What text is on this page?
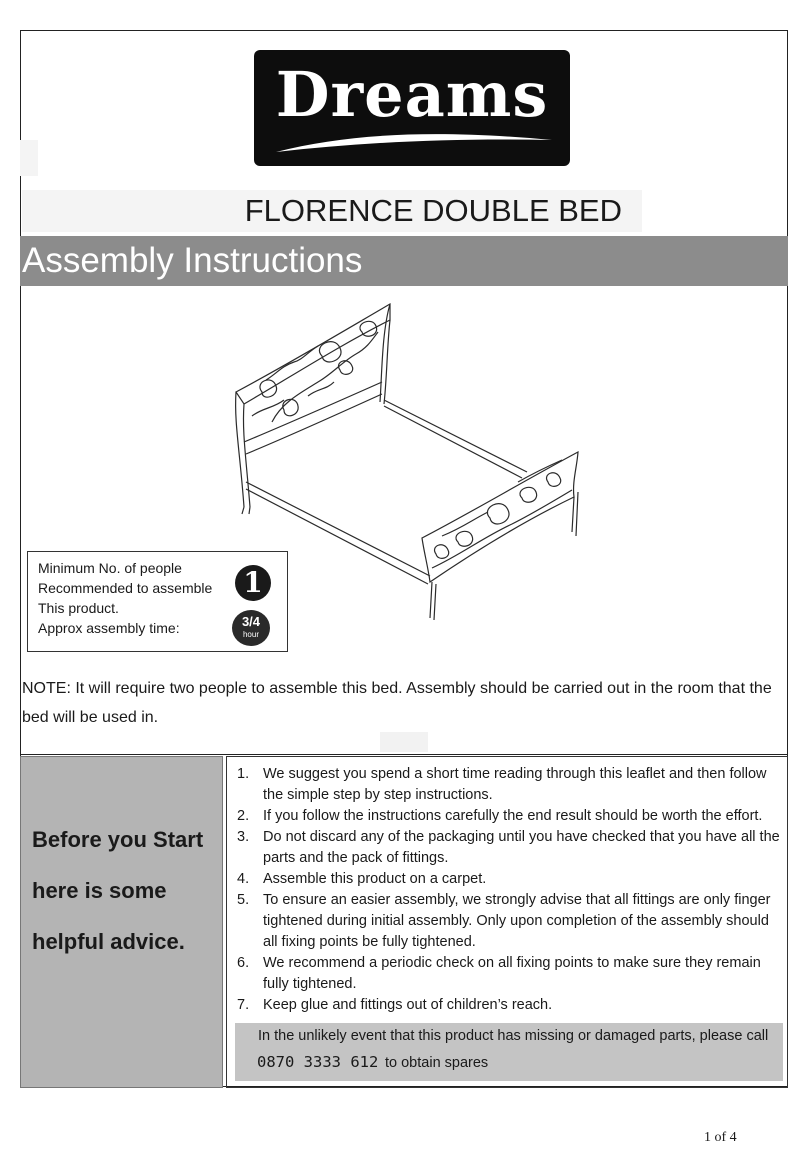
Dreams
FLORENCE DOUBLE BED
Assembly Instructions
Minimum No. of people
Recommended to assemble
This product.
Approx assembly time:
1
3/4
hour
NOTE: It will require two people to assemble this bed. Assembly should be carried out in the room that the bed will be used in.
Before you Start
here is some
helpful advice.
1. We suggest you spend a short time reading through this leaflet and then follow the simple step by step instructions.
2. If you follow the instructions carefully the end result should be worth the effort.
3. Do not discard any of the packaging until you have checked that you have all the parts and the pack of fittings.
4. Assemble this product on a carpet.
5. To ensure an easier assembly, we strongly advise that all fittings are only finger tightened during initial assembly. Only upon completion of the assembly should all fixing points be fully tightened.
6. We recommend a periodic check on all fixing points to make sure they remain fully tightened.
7. Keep glue and fittings out of children’s reach.
In the unlikely event that this product has missing or damaged parts, please call
0870 3333 612 to obtain spares
1 of 4
